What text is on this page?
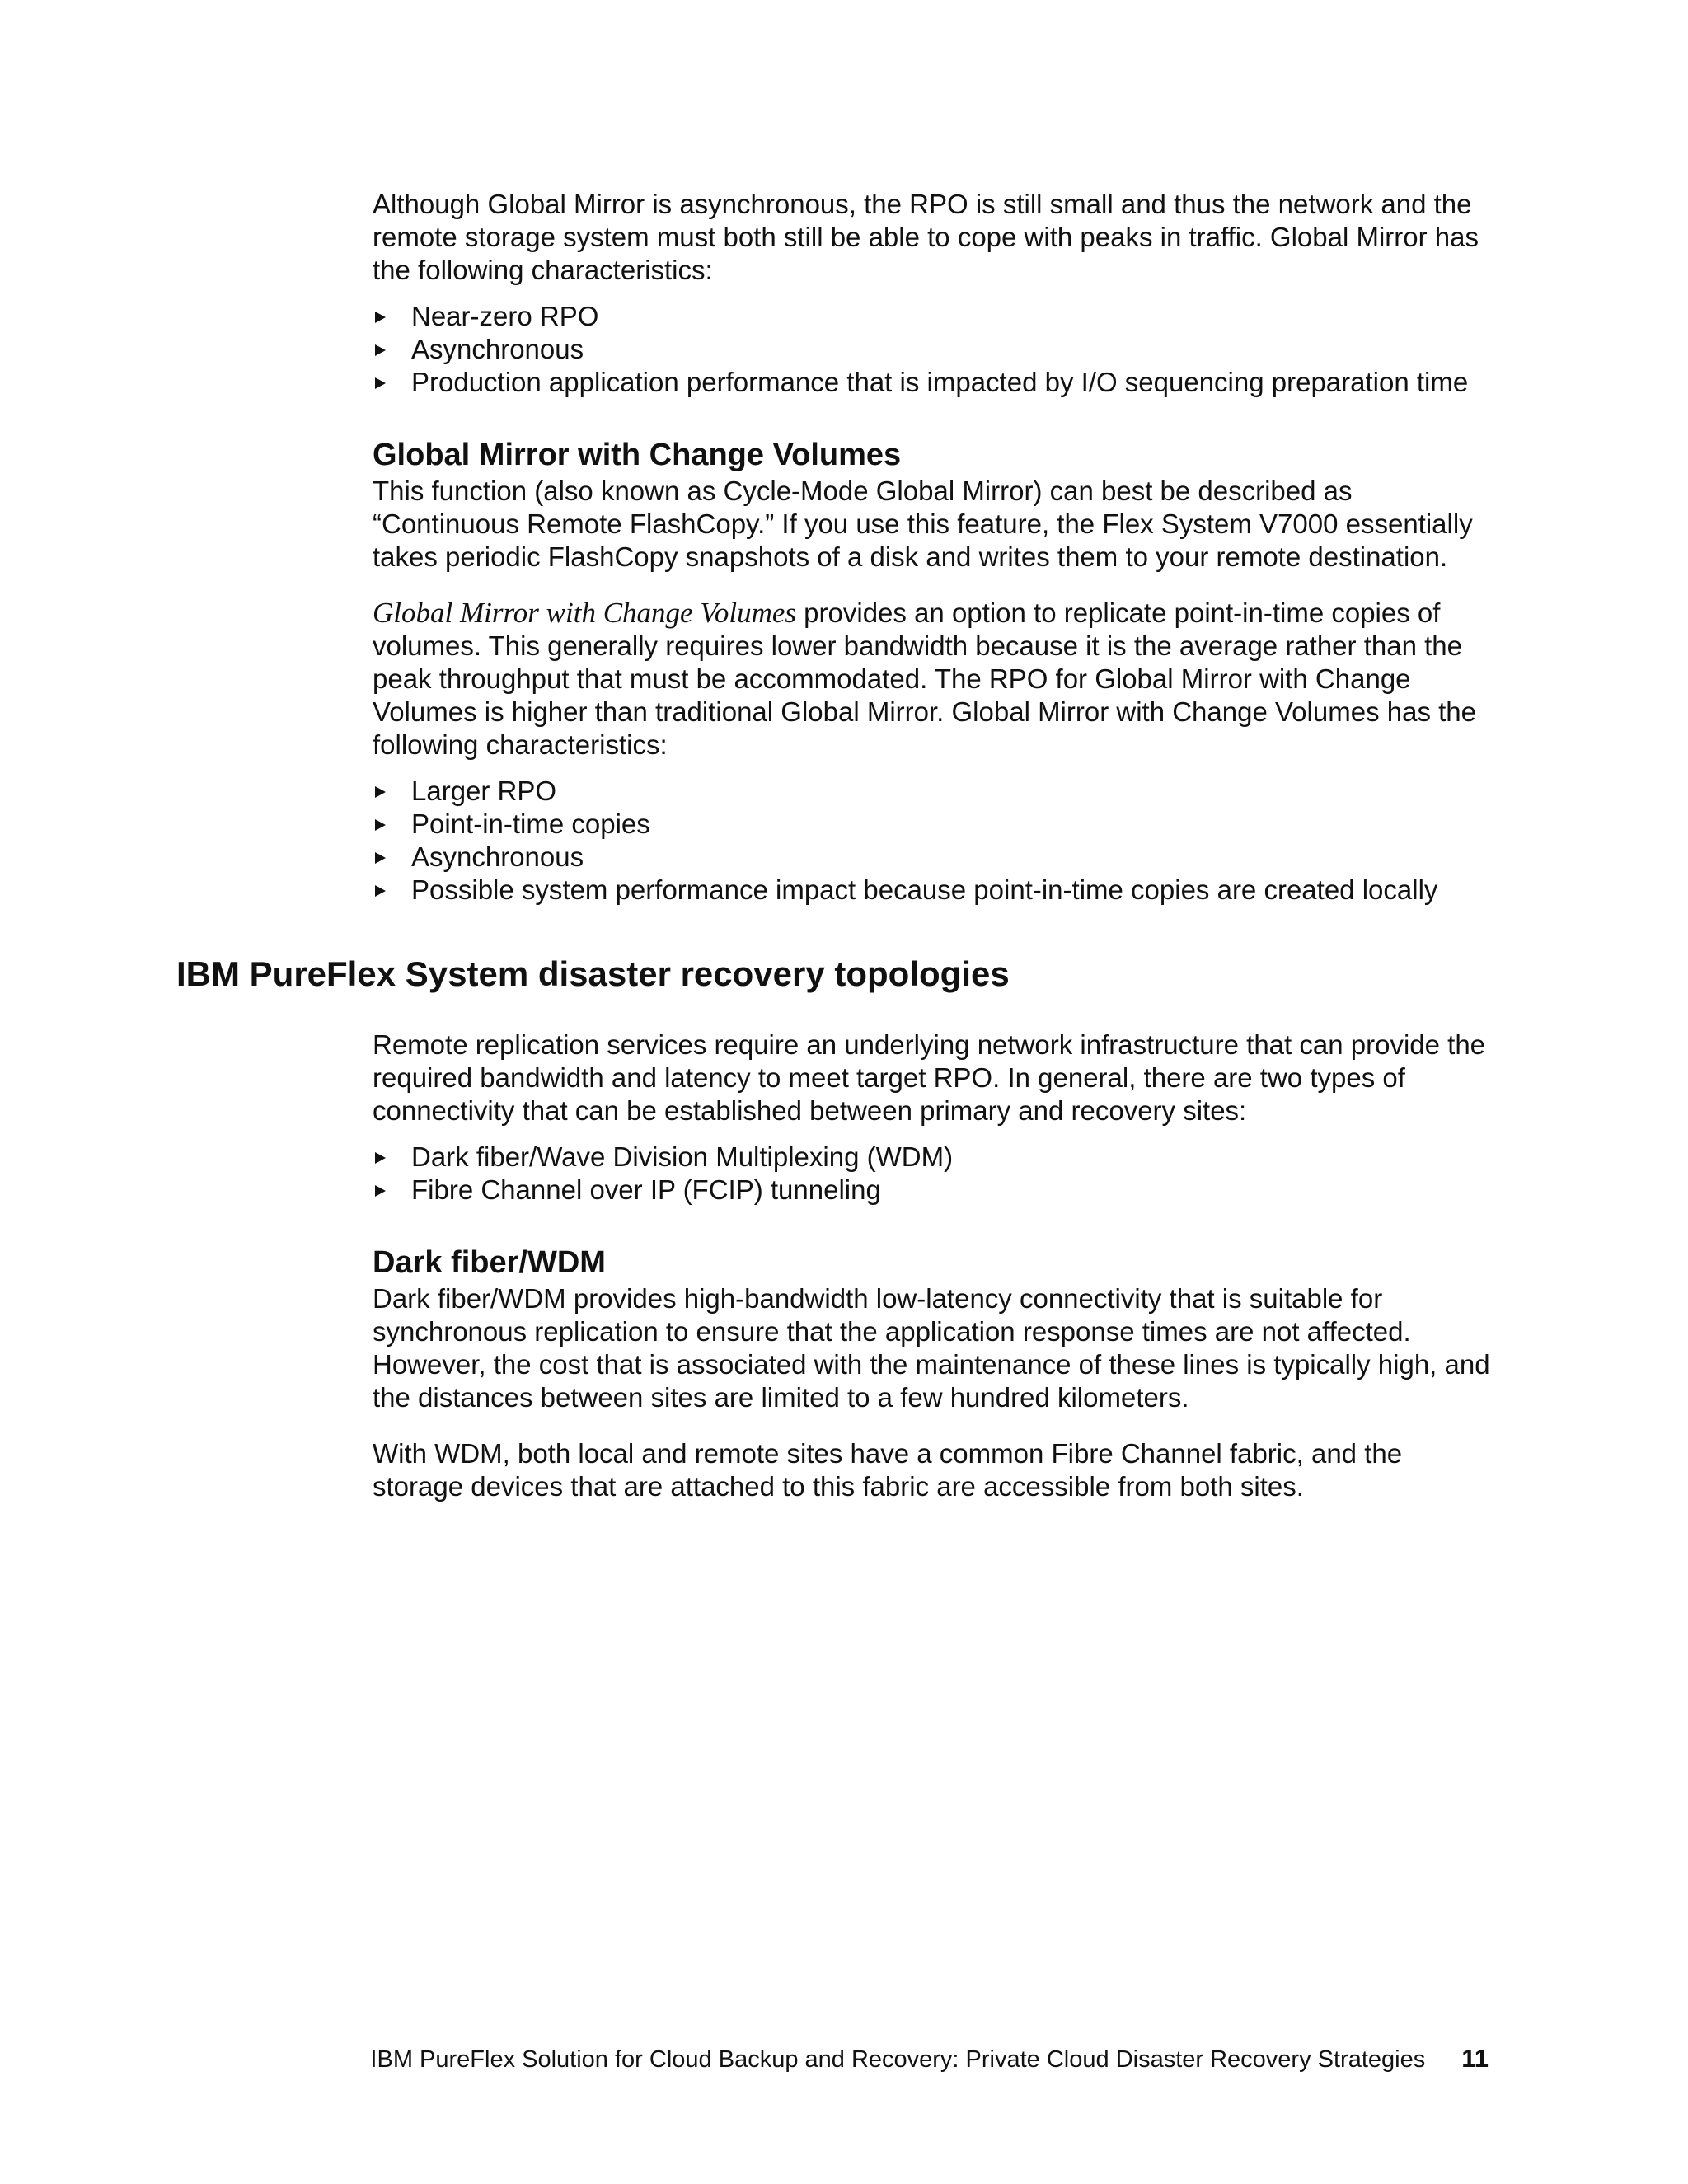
Although Global Mirror is asynchronous, the RPO is still small and thus the network and the remote storage system must both still be able to cope with peaks in traffic. Global Mirror has the following characteristics:

Near-zero RPO
Asynchronous
Production application performance that is impacted by I/O sequencing preparation time
Global Mirror with Change Volumes

This function (also known as Cycle-Mode Global Mirror) can best be described as “Continuous Remote FlashCopy.” If you use this feature, the Flex System V7000 essentially takes periodic FlashCopy snapshots of a disk and writes them to your remote destination.

Global Mirror with Change Volumes provides an option to replicate point-in-time copies of volumes. This generally requires lower bandwidth because it is the average rather than the peak throughput that must be accommodated. The RPO for Global Mirror with Change Volumes is higher than traditional Global Mirror. Global Mirror with Change Volumes has the following characteristics:

Larger RPO
Point-in-time copies
Asynchronous
Possible system performance impact because point-in-time copies are created locally
IBM PureFlex System disaster recovery topologies

Remote replication services require an underlying network infrastructure that can provide the required bandwidth and latency to meet target RPO. In general, there are two types of connectivity that can be established between primary and recovery sites:

Dark fiber/Wave Division Multiplexing (WDM)
Fibre Channel over IP (FCIP) tunneling
Dark fiber/WDM

Dark fiber/WDM provides high-bandwidth low-latency connectivity that is suitable for synchronous replication to ensure that the application response times are not affected. However, the cost that is associated with the maintenance of these lines is typically high, and the distances between sites are limited to a few hundred kilometers.

With WDM, both local and remote sites have a common Fibre Channel fabric, and the storage devices that are attached to this fabric are accessible from both sites.

IBM PureFlex Solution for Cloud Backup and Recovery: Private Cloud Disaster Recovery Strategies 11
